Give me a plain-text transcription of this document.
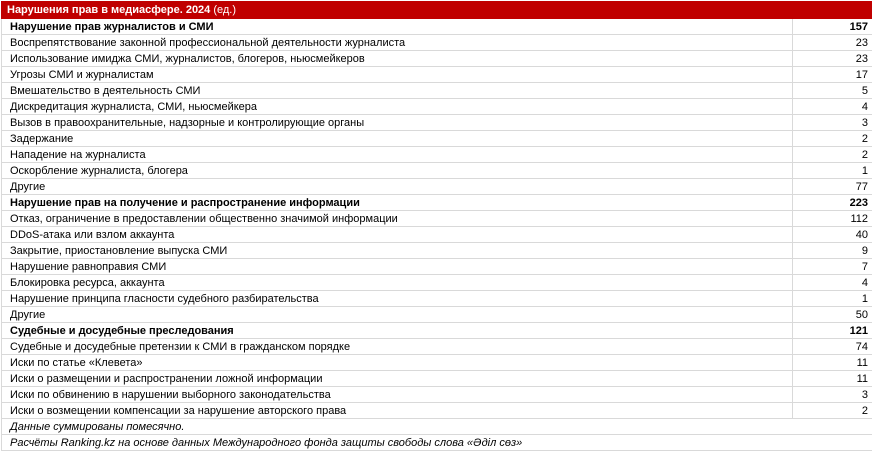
Нарушения прав в медиасфере. 2024 (ед.)	
Нарушение прав журналистов и СМИ	157
Воспрепятствование законной профессиональной деятельности журналиста	23
Использование имиджа СМИ, журналистов, блогеров, ньюсмейкеров	23
Угрозы СМИ и журналистам	17
Вмешательство в деятельность СМИ	5
Дискредитация журналиста, СМИ, ньюсмейкера	4
Вызов в правоохранительные, надзорные и контролирующие органы	3
Задержание	2
Нападение на журналиста	2
Оскорбление журналиста, блогера	1
Другие	77
Нарушение прав на получение и распространение информации	223
Отказ, ограничение в предоставлении общественно значимой информации	112
DDoS-атака или взлом аккаунта	40
Закрытие, приостановление выпуска СМИ	9
Нарушение равноправия СМИ	7
Блокировка ресурса, аккаунта	4
Нарушение принципа гласности судебного разбирательства	1
Другие	50
Судебные и досудебные преследования	121
Судебные и досудебные претензии к СМИ в гражданском порядке	74
Иски по статье «Клевета»	11
Иски о размещении и распространении ложной информации	11
Иски по обвинению в нарушении выборного законодательства	3
Иски о возмещении компенсации за нарушение авторского права	2
Данные суммированы помесячно.	
Расчёты Ranking.kz на основе данных Международного фонда защиты свободы слова «Әділ сөз»	
